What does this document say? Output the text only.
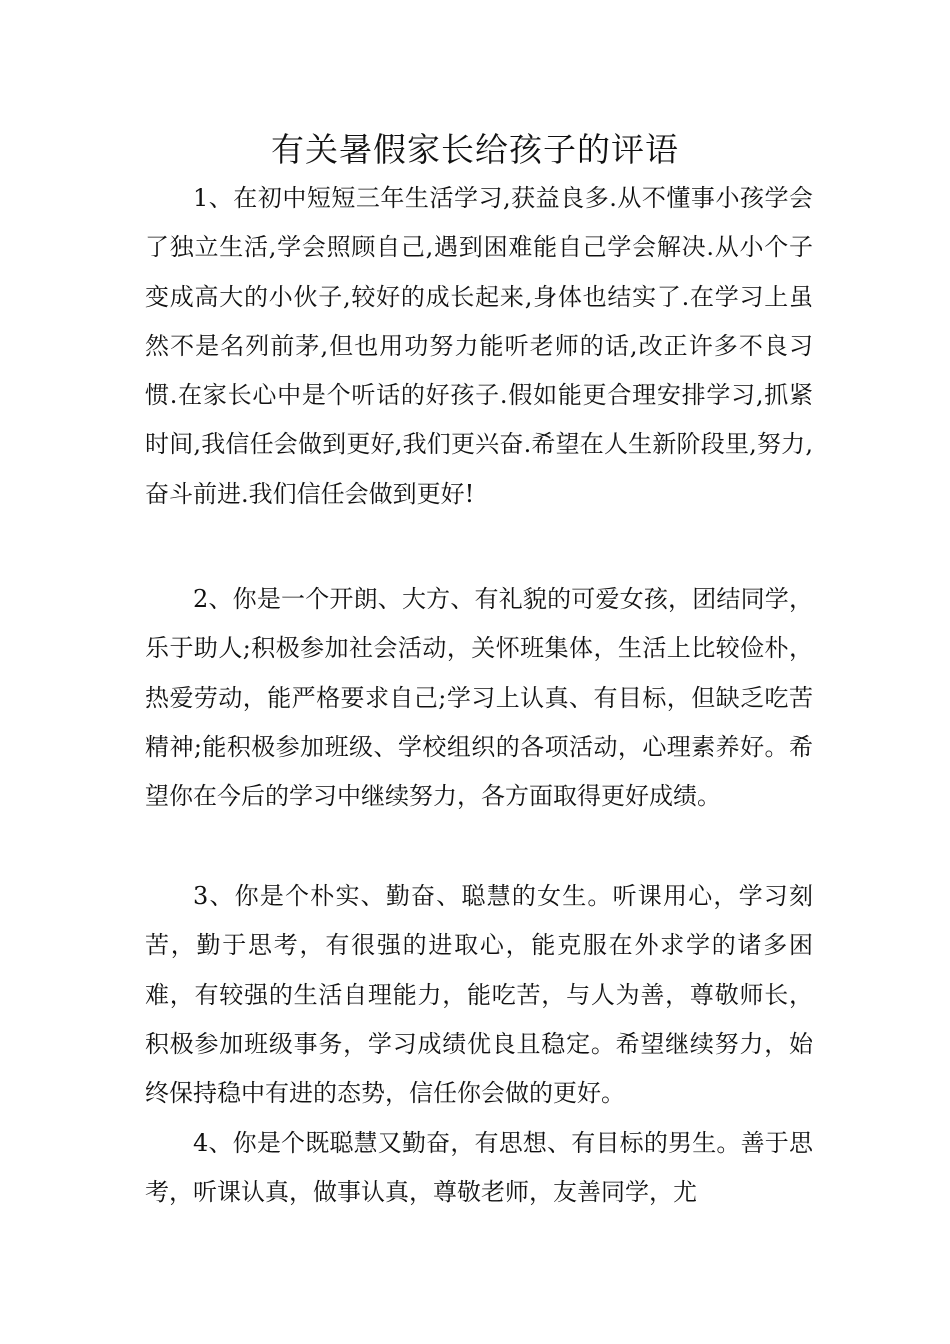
有关暑假家长给孩子的评语

1、在初中短短三年生活学习,获益良多.从不懂事小孩学会了独立生活,学会照顾自己,遇到困难能自己学会解决.从小个子变成高大的小伙子,较好的成长起来,身体也结实了.在学习上虽然不是名列前茅,但也用功努力能听老师的话,改正许多不良习惯.在家长心中是个听话的好孩子.假如能更合理安排学习,抓紧时间,我信任会做到更好,我们更兴奋.希望在人生新阶段里,努力,奋斗前进.我们信任会做到更好!

2、你是一个开朗、大方、有礼貌的可爱女孩，团结同学，乐于助人;积极参加社会活动，关怀班集体，生活上比较俭朴，热爱劳动，能严格要求自己;学习上认真、有目标，但缺乏吃苦精神;能积极参加班级、学校组织的各项活动，心理素养好。希望你在今后的学习中继续努力，各方面取得更好成绩。

3、你是个朴实、勤奋、聪慧的女生。听课用心，学习刻苦，勤于思考，有很强的进取心，能克服在外求学的诸多困难，有较强的生活自理能力，能吃苦，与人为善，尊敬师长，积极参加班级事务，学习成绩优良且稳定。希望继续努力，始终保持稳中有进的态势，信任你会做的更好。

4、你是个既聪慧又勤奋，有思想、有目标的男生。善于思考，听课认真，做事认真，尊敬老师，友善同学，尤
